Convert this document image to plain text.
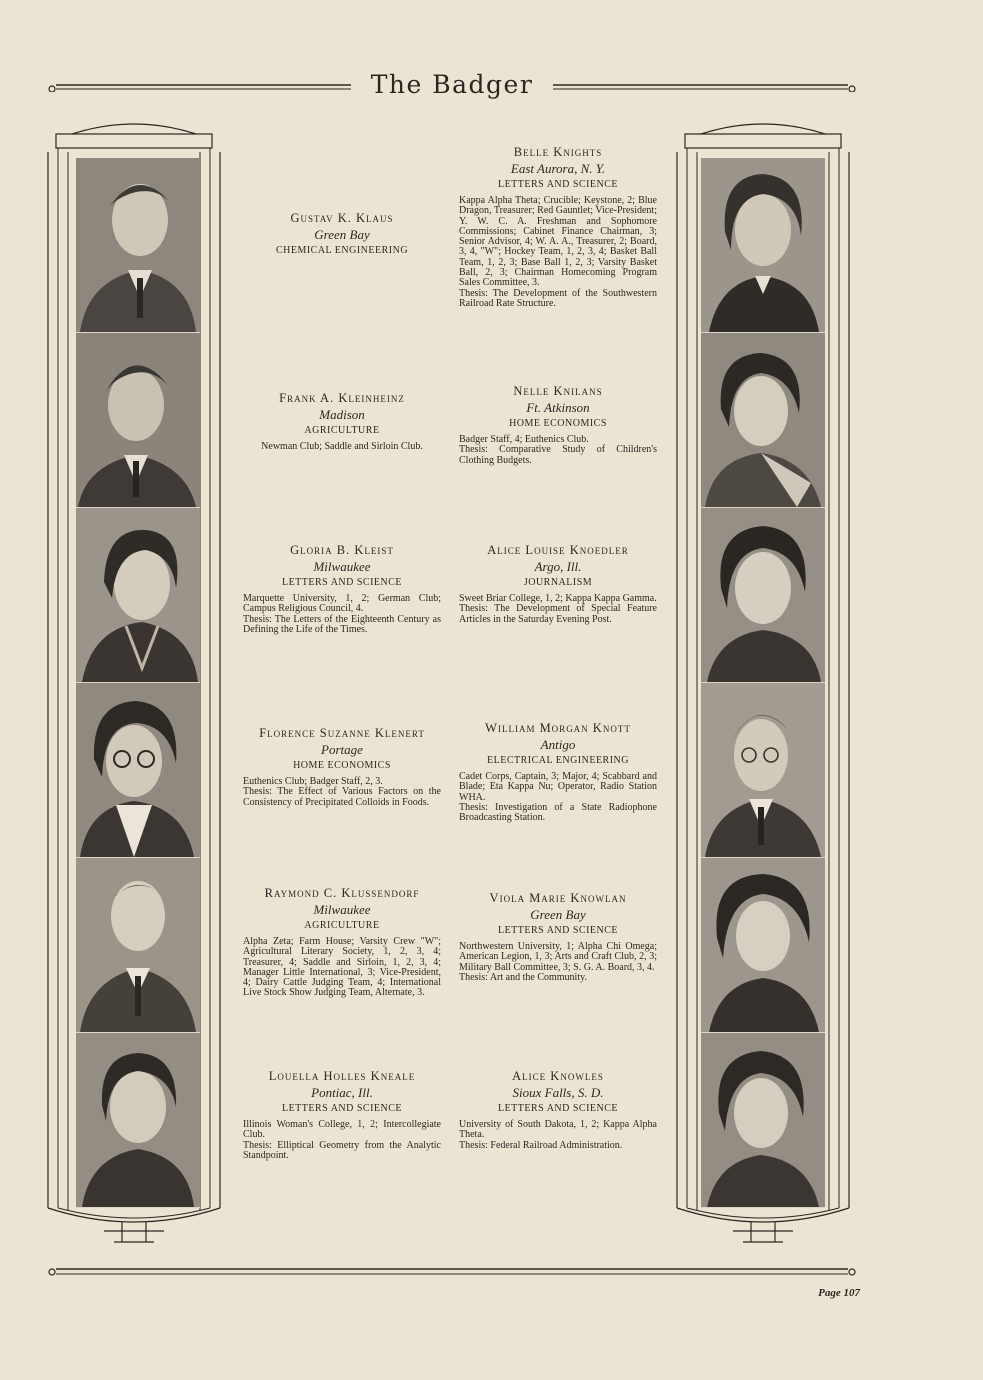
The Badger
Gustav K. Klaus
Green Bay
CHEMICAL ENGINEERING
Frank A. Kleinheinz
Madison
AGRICULTURE
Newman Club; Saddle and Sirloin Club.
Gloria B. Kleist
Milwaukee
LETTERS AND SCIENCE
Marquette University, 1, 2; German Club; Campus Religious Council, 4.
Thesis: The Letters of the Eighteenth Century as Defining the Life of the Times.
Florence Suzanne Klenert
Portage
HOME ECONOMICS
Euthenics Club; Badger Staff, 2, 3.
Thesis: The Effect of Various Factors on the Consistency of Precipitated Colloids in Foods.
Raymond C. Klussendorf
Milwaukee
AGRICULTURE
Alpha Zeta; Farm House; Varsity Crew "W"; Agricultural Literary Society, 1, 2, 3, 4; Treasurer, 4; Saddle and Sirloin, 1, 2, 3, 4; Manager Little International, 3; Vice-President, 4; Dairy Cattle Judging Team, 4; International Live Stock Show Judging Team, Alternate, 3.
Louella Holles Kneale
Pontiac, Ill.
LETTERS AND SCIENCE
Illinois Woman's College, 1, 2; Intercollegiate Club.
Thesis: Elliptical Geometry from the Analytic Standpoint.
Belle Knights
East Aurora, N. Y.
LETTERS AND SCIENCE
Kappa Alpha Theta; Crucible; Keystone, 2; Blue Dragon, Treasurer; Red Gauntlet; Vice-President; Y. W. C. A. Freshman and Sophomore Commissions; Cabinet Finance Chairman, 3; Senior Advisor, 4; W. A. A., Treasurer, 2; Board, 3, 4, "W"; Hockey Team, 1, 2, 3, 4; Basket Ball Team, 1, 2, 3; Base Ball 1, 2, 3; Varsity Basket Ball, 2, 3; Chairman Homecoming Program Sales Committee, 3.
Thesis: The Development of the Southwestern Railroad Rate Structure.
Nelle Knilans
Ft. Atkinson
HOME ECONOMICS
Badger Staff, 4; Euthenics Club.
Thesis: Comparative Study of Children's Clothing Budgets.
Alice Louise Knoedler
Argo, Ill.
JOURNALISM
Sweet Briar College, 1, 2; Kappa Kappa Gamma.
Thesis: The Development of Special Feature Articles in the Saturday Evening Post.
William Morgan Knott
Antigo
ELECTRICAL ENGINEERING
Cadet Corps, Captain, 3; Major, 4; Scabbard and Blade; Eta Kappa Nu; Operator, Radio Station WHA.
Thesis: Investigation of a State Radiophone Broadcasting Station.
Viola Marie Knowlan
Green Bay
LETTERS AND SCIENCE
Northwestern University, 1; Alpha Chi Omega; American Legion, 1, 3; Arts and Craft Club, 2, 3; Military Ball Committee, 3; S. G. A. Board, 3, 4.
Thesis: Art and the Community.
Alice Knowles
Sioux Falls, S. D.
LETTERS AND SCIENCE
University of South Dakota, 1, 2; Kappa Alpha Theta.
Thesis: Federal Railroad Administration.
Page 107
